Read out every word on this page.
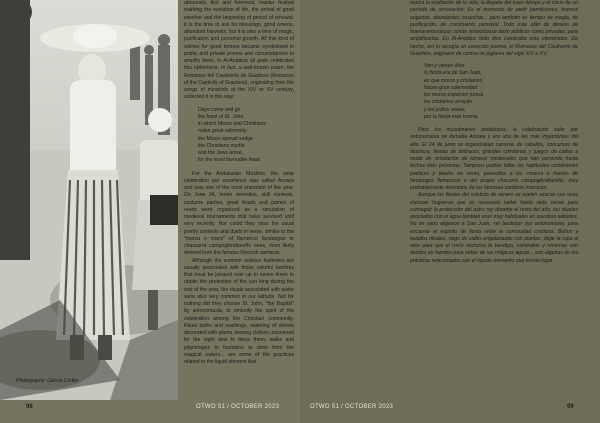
Photography: García Cortés

abruously, first and foremost, master festival marking the evolution of life, the arrival of good weather and the beginning of period of renewal. It is the time to ask for blessings, good omens, abundant harvests, but it is also a time of magic, purification and personal growth. All this kind of wishes for good fortune became symbolised in public and private poems and circumstances to amplify them. In Al-Andalus all gods celebrated this ephemeris. In fact, a well-known poem, the Romance del Cautiverio de Guarinos (Romance of the Captivity of Guarinos), originating from the songs of minstrels of the XIV or XV century, collected it in this way:

Days come and go
the feast of St. John,
in which Moors and Christians
make great solemnity:
the Moors spread sedge
the Christians myrtle,
and the Jews anise,
for the most favorable feast.

For the Andalusian Muslims, the solar celebration par excellence was called Ansara and was one of the most important of the year. On June 24, home remedies, skill contests, costume parties, great feasts and games of reeds were organized as a simulation of medieval tournaments that have survived until very recently. Nor could they miss the usual poetry contests and duels in verse, similar to the "marca o mans" of flamenco fandangos or chascarrá campogibraltareño ones, most likely derived from the famous Moorish zambras.

Although the summer solstice festivities are usually associated with those colorful bonfires that must be jumped over up to seven times to obtain the protection of the sun king during the rest of the year, the rituals associated with water were also very common in our latitude. Not for nothing did they choose St. John, "the Baptist" by antonomasia, to embody the spirit of the celebration among the Christian community. Ritual baths and washings, watering of streets decorated with plants, leaving clothes uncovered for the night dew to bless them, walks and pilgrimages to fountains to drink from the magical waters... are some of the practices related to the liquid element that

98	OTWO 51 / OCTOBER 2023

marca la exaltación de la vida, la llegada del buen tiempo y el inicio de un período de renovación. Es el momento de pedir bendiciones, buenos augurios, abundantes cosechas... pero también es tiempo de magia, de purificación, de crecimiento personal. Todo este afán de deseos de buenaventuranzas solían simbolizarse tanto públicas como privadas, para amplificarlas. En Al-Andalus todo dios celebraba esta efemérides. De hecho, así lo recogía un conocido poema, el Romance del Cautiverio de Guarinos, originario de cantos de juglares del siglo XIV o XV:

Ven y vienen días
la fiesta era de San Juan,
en que moros y cristianos
hacen gran solemnidad:
los moros esparcen juncia
los cristianos arrayán
y los judíos anéas
por la fiesta más honrar.

Para los musulmanes andalusíes, la celebración solar por antonomasia se llamaba Ansara y era una de las más importantes del año. El 24 de junio se organizaban carreras de caballos, concursos de destreza, fiestas de disfraces, grandes comilonas y juegos de cañas a modo de simulación de torneos medievales que han pervivido hasta fechas bien próximas. Tampoco podían faltar los habituales certámenes poéticos y duelos en verso, parecidos a los «marca o mano» de fandangos flamencos o del propio chacarrá campogibraltareño, muy probablemente derivados de las famosas zambras moriscas.

Aunque las fiestas del solsticio de verano se suelen asociar con esas vistosas hogueras que es necesario saltar hasta siete veces para conseguir la protección del astro rey durante el resto del año, los rituales asociados con el agua también eran muy habituales en nuestras latitudes. No en vano eligieron a San Juan, «el bautista» por antonomasia, para encarnar el espíritu de fiesta entre la comunidad cristiana. Baños y lavados rituales, riego de calles engalanadas con plantas, dejar la ropa al raso para que el rocío nocturno la bendiga, caminatas y romerías con destino en fuentes para beber de las mágicas aguas... son algunas de las prácticas relacionadas con el líquido elemento que tenían lugar

OTWO 51 / OCTOBER 2023	99
